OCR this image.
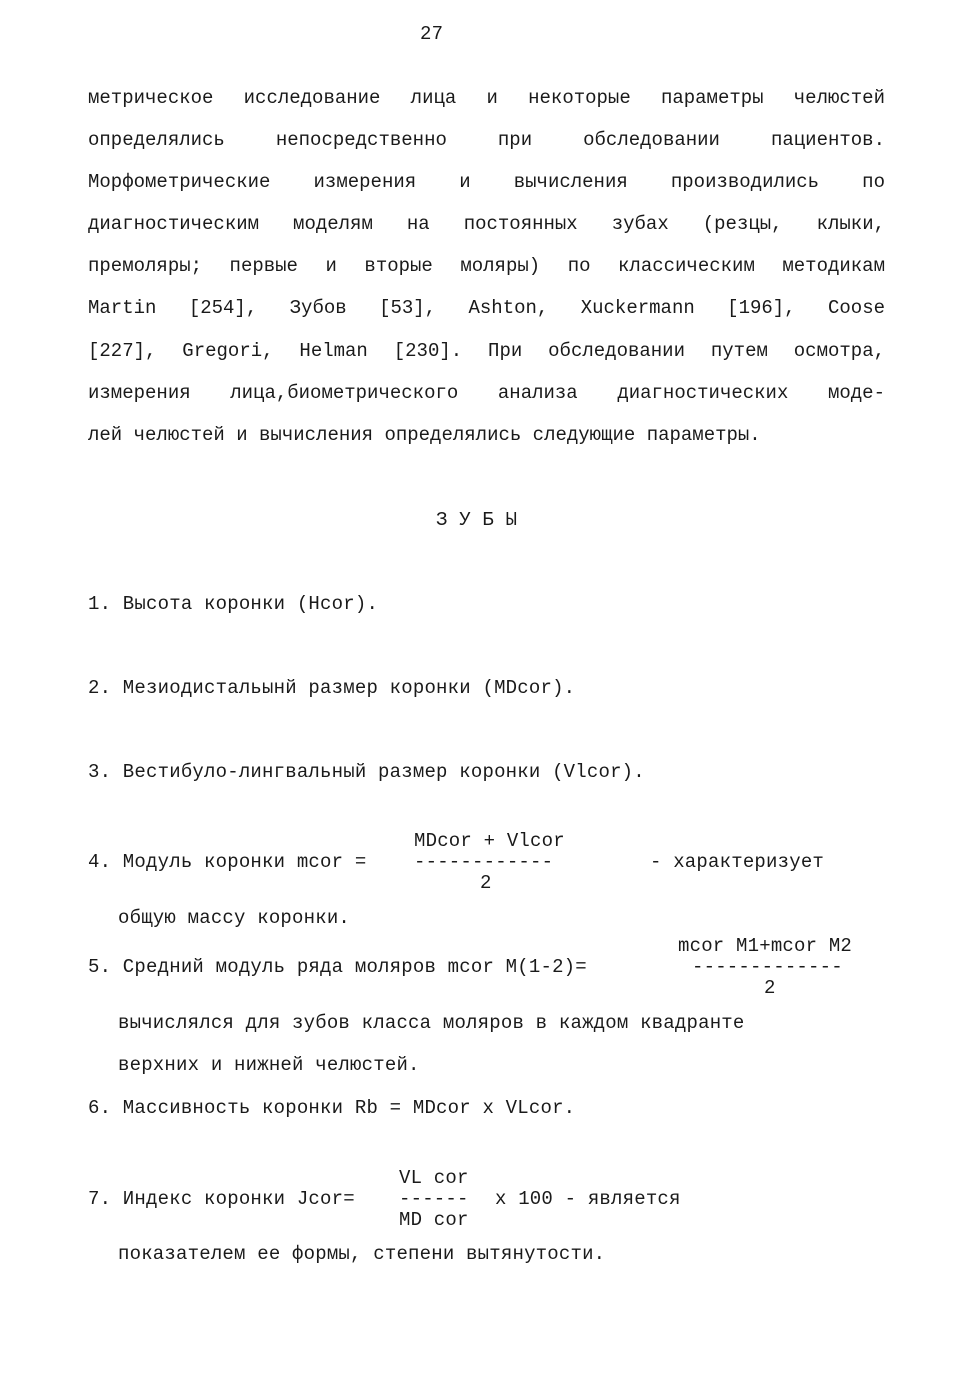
27
метрическое исследование лица и некоторые параметры челюстей
определялись непосредственно при обследовании пациентов.
Морфометрические измерения и вычисления производились по
диагностическим моделям на постоянных зубах (резцы, клыки,
премоляры; первые и вторые моляры) по классическим методикам
Martin [254], Зубов [53], Ashton, Xuckermann [196], Coose
[227], Gregori, Helman [230]. При обследовании путем осмотра,
измерения лица,биометрического анализа диагностических моде-
лей челюстей и вычисления определялись следующие параметры.
З У Б Ы
1. Высота коронки (Hcor).
2. Мезиодистальынй размер коронки (MDcor).
3. Вестибуло-лингвальный размер коронки (Vlcor).
MDcor + Vlcor
4. Модуль коронки mcor =	------------	- характеризует
2
общую массу коронки.
mcor M1+mcor M2
5. Средний модуль ряда моляров mcor M(1-2)=	-------------
2
вычислялся для зубов класса моляров в каждом квадранте
верхних и нижней челюстей.
6. Массивность коронки Rb = MDcor x VLcor.
VL cor
7. Индекс коронки Jcor= ------ x 100 - является
MD cor
показателем ее формы, степени вытянутости.
